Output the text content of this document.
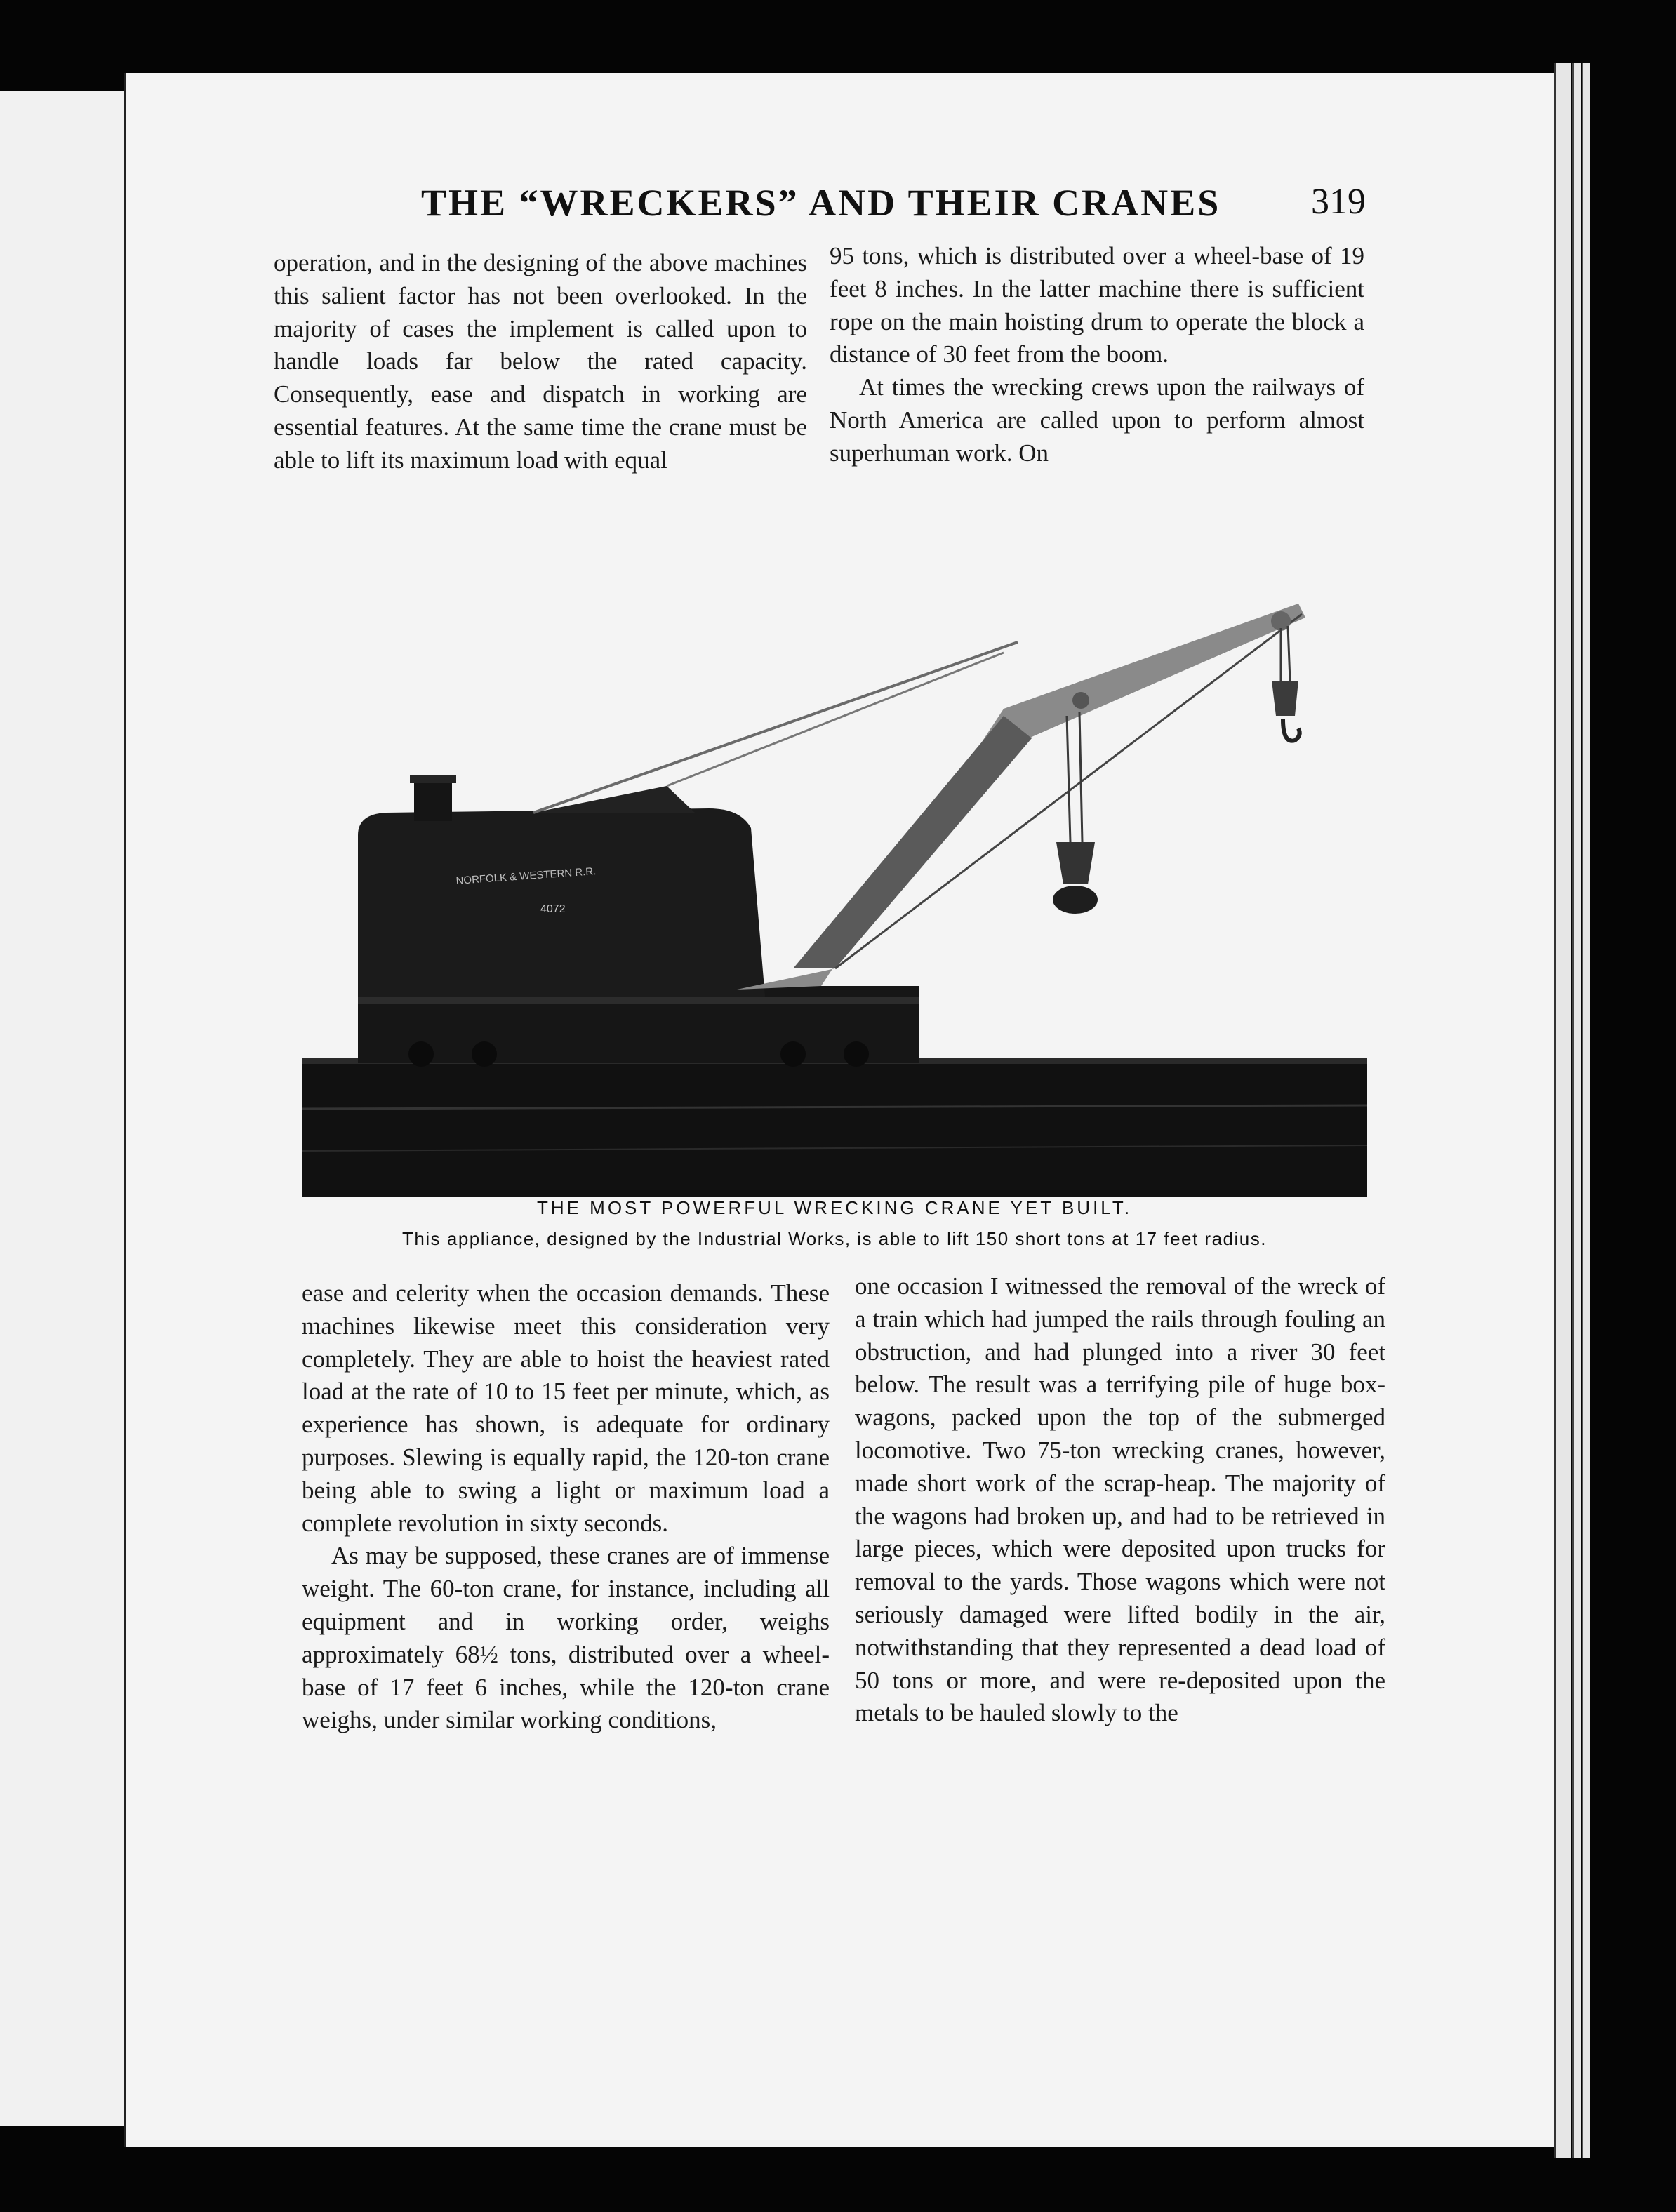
THE “WRECKERS” AND THEIR CRANES 319

operation, and in the designing of the above machines this salient factor has not been overlooked. In the majority of cases the implement is called upon to handle loads far below the rated capacity. Consequently, ease and dispatch in working are essential features. At the same time the crane must be able to lift its maximum load with equal

95 tons, which is distributed over a wheel-base of 19 feet 8 inches. In the latter machine there is sufficient rope on the main hoisting drum to operate the block a distance of 30 feet from the boom.

At times the wrecking crews upon the railways of North America are called upon to perform almost superhuman work. On

NORFOLK & WESTERN R.R.
4072
THE MOST POWERFUL WRECKING CRANE YET BUILT.
This appliance, designed by the Industrial Works, is able to lift 150 short tons at 17 feet radius.

ease and celerity when the occasion demands. These machines likewise meet this consideration very completely. They are able to hoist the heaviest rated load at the rate of 10 to 15 feet per minute, which, as experience has shown, is adequate for ordinary purposes. Slewing is equally rapid, the 120-ton crane being able to swing a light or maximum load a complete revolution in sixty seconds.

As may be supposed, these cranes are of immense weight. The 60-ton crane, for instance, including all equipment and in working order, weighs approximately 68½ tons, distributed over a wheel-base of 17 feet 6 inches, while the 120-ton crane weighs, under similar working conditions,

one occasion I witnessed the removal of the wreck of a train which had jumped the rails through fouling an obstruction, and had plunged into a river 30 feet below. The result was a terrifying pile of huge box-wagons, packed upon the top of the submerged locomotive. Two 75-ton wrecking cranes, however, made short work of the scrap-heap. The majority of the wagons had broken up, and had to be retrieved in large pieces, which were deposited upon trucks for removal to the yards. Those wagons which were not seriously damaged were lifted bodily in the air, notwithstanding that they represented a dead load of 50 tons or more, and were re-deposited upon the metals to be hauled slowly to the
